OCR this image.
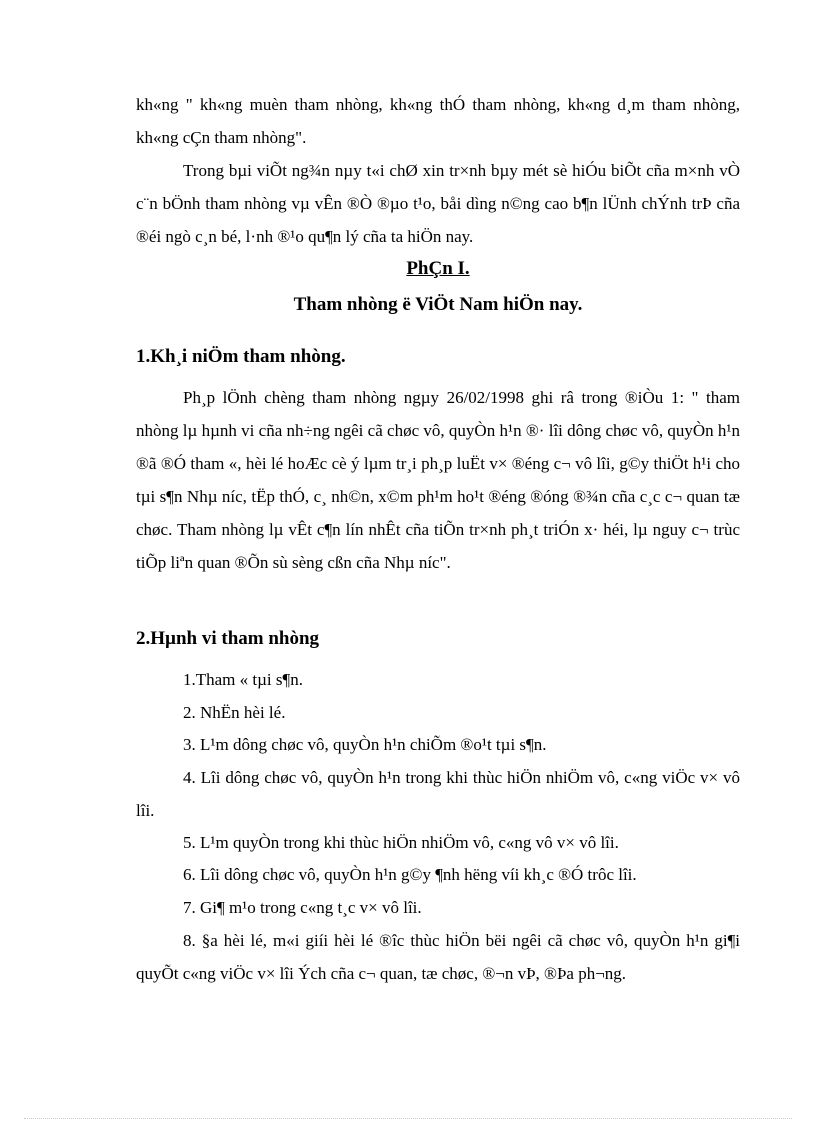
kh«ng " kh«ng muèn tham nhòng, kh«ng thÓ tham nhòng, kh«ng d¸m tham nhòng, kh«ng cÇn tham nhòng".

Trong bµi viÕt ng¾n nµy t«i chØ xin tr×nh bµy mét sè hiÓu biÕt cña m×nh vÒ c¨n bÖnh tham nhòng vµ vÊn ®Ò ®µo t¹o, båi dìng n©ng cao b¶n lÜnh chÝnh trÞ cña ®éi ngò c¸n bé, l·nh ®¹o qu¶n lý cña ta hiÖn nay.

PhÇn I.

Tham nhòng ë ViÖt Nam hiÖn nay.

1.Kh¸i niÖm tham nhòng.

Ph¸p lÖnh chèng tham nhòng ngµy 26/02/1998 ghi râ trong ®iÒu 1: " tham nhòng lµ hµnh vi cña nh÷ng ngêi cã chøc vô, quyÒn h¹n ®· lîi dông chøc vô, quyÒn h¹n ®ã ®Ó tham «, hèi lé hoÆc cè ý lµm tr¸i ph¸p luËt v× ®éng c¬ vô lîi, g©y thiÖt h¹i cho tµi s¶n Nhµ níc, tËp thÓ, c¸ nh©n, x©m ph¹m ho¹t ®éng ®óng ®¾n cña c¸c c¬ quan tæ chøc. Tham nhòng lµ vÊt c¶n lín nhÊt cña tiÕn tr×nh ph¸t triÓn x· héi, lµ nguy c¬ trùc tiÕp liªn quan ®Õn sù sèng cßn cña Nhµ níc".

2.Hµnh vi tham nhòng

1.Tham « tµi s¶n.

2. NhËn hèi lé.

3. L¹m dông chøc vô, quyÒn h¹n chiÕm ®o¹t tµi s¶n.

4. Lîi dông chøc vô, quyÒn h¹n trong khi thùc hiÖn nhiÖm vô, c«ng viÖc v× vô lîi.

5. L¹m quyÒn trong khi thùc hiÖn nhiÖm vô, c«ng vô v× vô lîi.

6. Lîi dông chøc vô, quyÒn h¹n g©y ¶nh hëng víi kh¸c ®Ó trôc lîi.

7. Gi¶ m¹o trong c«ng t¸c v× vô lîi.

8. §a hèi lé, m«i giíi hèi lé ®îc thùc hiÖn bëi ngêi cã chøc vô, quyÒn h¹n gi¶i quyÕt c«ng viÖc v× lîi Ých cña c¬ quan, tæ chøc, ®¬n vÞ, ®Þa ph¬ng.
